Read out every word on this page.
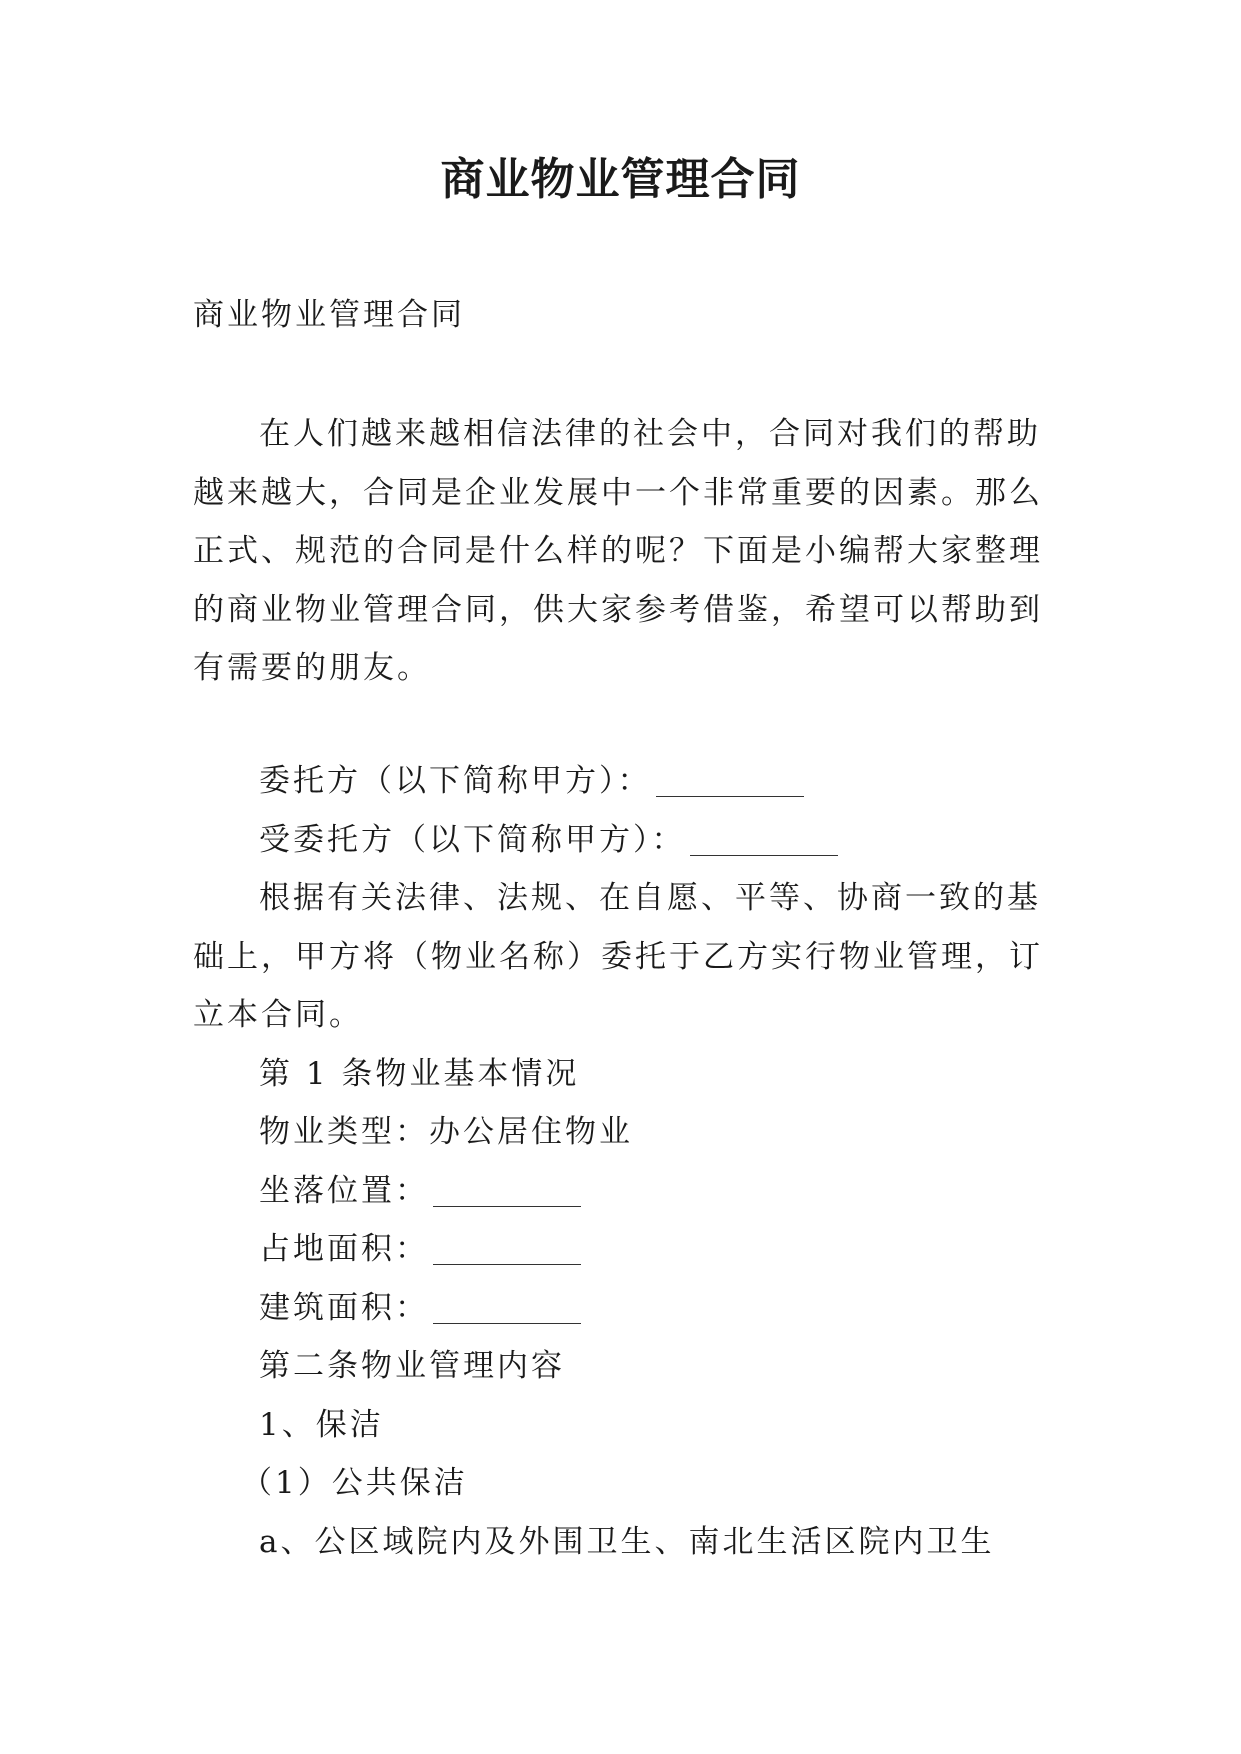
商业物业管理合同

商业物业管理合同

在人们越来越相信法律的社会中，合同对我们的帮助越来越大，合同是企业发展中一个非常重要的因素。那么正式、规范的合同是什么样的呢？下面是小编帮大家整理的商业物业管理合同，供大家参考借鉴，希望可以帮助到有需要的朋友。

委托方（以下简称甲方）：

受委托方（以下简称甲方）：

根据有关法律、法规、在自愿、平等、协商一致的基础上，甲方将（物业名称）委托于乙方实行物业管理，订立本合同。

第 1 条物业基本情况

物业类型：办公居住物业

坐落位置：

占地面积：

建筑面积：

第二条物业管理内容

1、保洁

（1）公共保洁

a、公区域院内及外围卫生、南北生活区院内卫生
